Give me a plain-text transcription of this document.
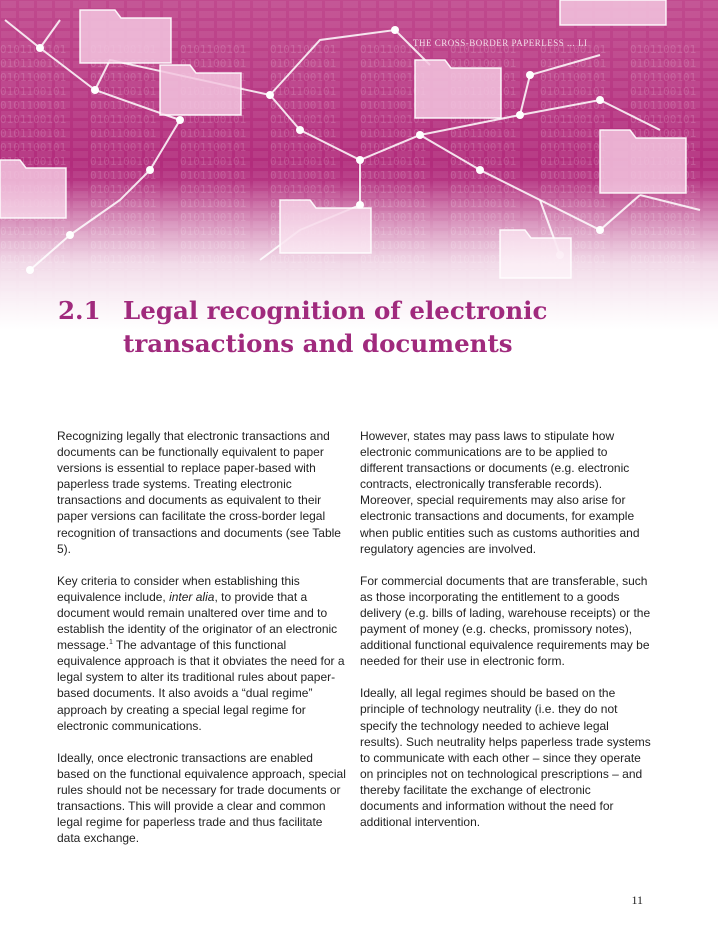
THE CROSS-BORDER PAPERLESS ... LI
2.1 Legal recognition of electronic
transactions and documents

Recognizing legally that electronic transactions and documents can be functionally equivalent to paper versions is essential to replace paper-based with paperless trade systems. Treating electronic transactions and documents as equivalent to their paper versions can facilitate the cross-border legal recognition of transactions and documents (see Table 5).

Key criteria to consider when establishing this equivalence include, inter alia, to provide that a document would remain unaltered over time and to establish the identity of the originator of an electronic message.$^1$ The advantage of this functional equivalence approach is that it obviates the need for a legal system to alter its traditional rules about paper-based documents. It also avoids a “dual regime” approach by creating a special legal regime for electronic communications.

Ideally, once electronic transactions are enabled based on the functional equivalence approach, special rules should not be necessary for trade documents or transactions. This will provide a clear and common legal regime for paperless trade and thus facilitate data exchange.

However, states may pass laws to stipulate how electronic communications are to be applied to different transactions or documents (e.g. electronic contracts, electronically transferable records). Moreover, special requirements may also arise for electronic transactions and documents, for example when public entities such as customs authorities and regulatory agencies are involved.

For commercial documents that are transferable, such as those incorporating the entitlement to a goods delivery (e.g. bills of lading, warehouse receipts) or the payment of money (e.g. checks, promissory notes), additional functional equivalence requirements may be needed for their use in electronic form.

Ideally, all legal regimes should be based on the principle of technology neutrality (i.e. they do not specify the technology needed to achieve legal results). Such neutrality helps paperless trade systems to communicate with each other – since they operate on principles not on technological prescriptions – and thereby facilitate the exchange of electronic documents and information without the need for additional intervention.

11
